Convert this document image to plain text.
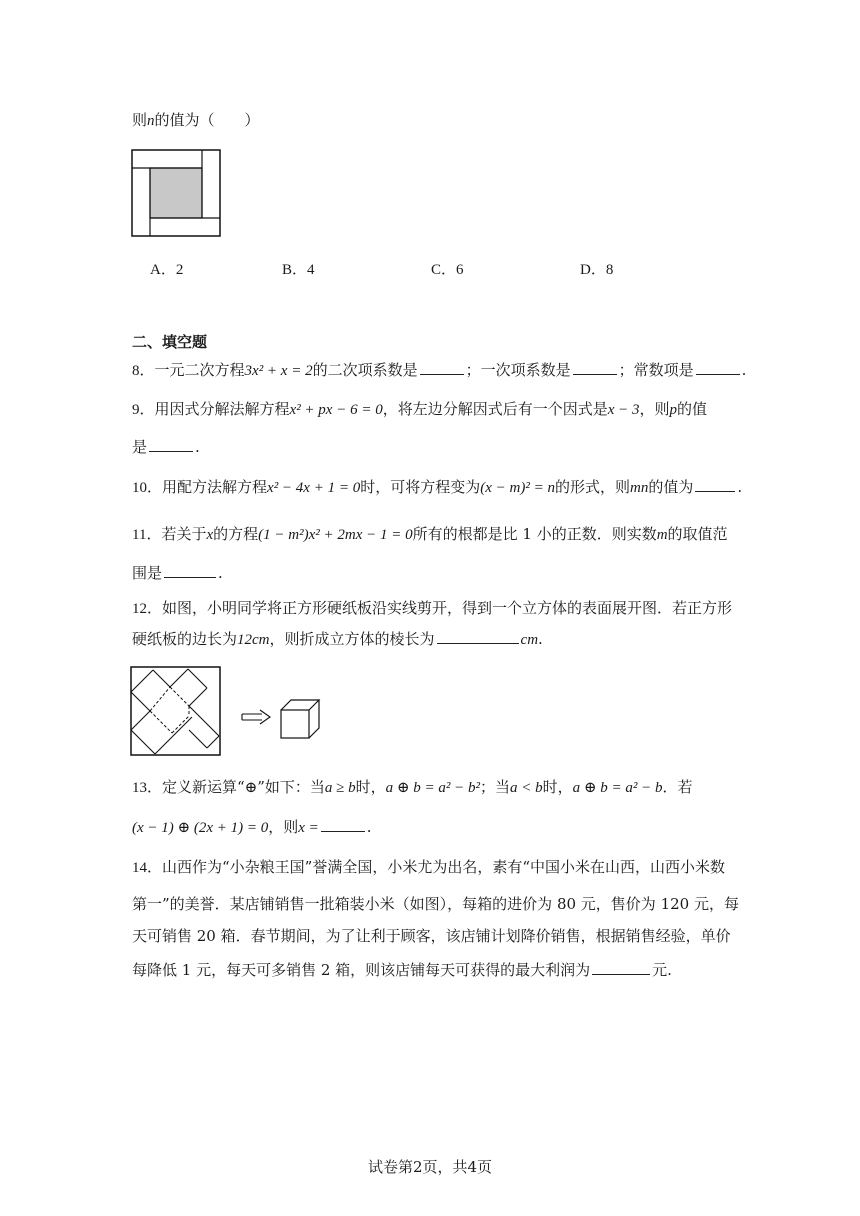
则n的值为（　　）
A．2	B．4	C．6	D．8
二、填空题
8．一元二次方程3x² + x = 2的二次项系数是	；一次项系数是	；常数项是	.
9．用因式分解法解方程x² + px − 6 = 0，将左边分解因式后有一个因式是x − 3，则p的值
是	.
10．用配方法解方程x² − 4x + 1 = 0时，可将方程变为(x − m)² = n的形式，则mn的值为	.
11．若关于x的方程(1 − m²)x² + 2mx − 1 = 0所有的根都是比 1 小的正数．则实数m的取值范
围是	.
12．如图，小明同学将正方形硬纸板沿实线剪开，得到一个立方体的表面展开图．若正方形
硬纸板的边长为12cm，则折成立方体的棱长为	cm.
13．定义新运算“⊕”如下：当a ≥ b时，a ⊕ b = a² − b²；当a < b时，a ⊕ b = a² − b．若
(x − 1) ⊕ (2x + 1) = 0，则x =	.
14．山西作为“小杂粮王国”誉满全国，小米尤为出名，素有“中国小米在山西，山西小米数
第一”的美誉．某店铺销售一批箱装小米（如图），每箱的进价为 80 元，售价为 120 元，每
天可销售 20 箱．春节期间，为了让利于顾客，该店铺计划降价销售，根据销售经验，单价
每降低 1 元，每天可多销售 2 箱，则该店铺每天可获得的最大利润为	元.
试卷第2页，共4页
